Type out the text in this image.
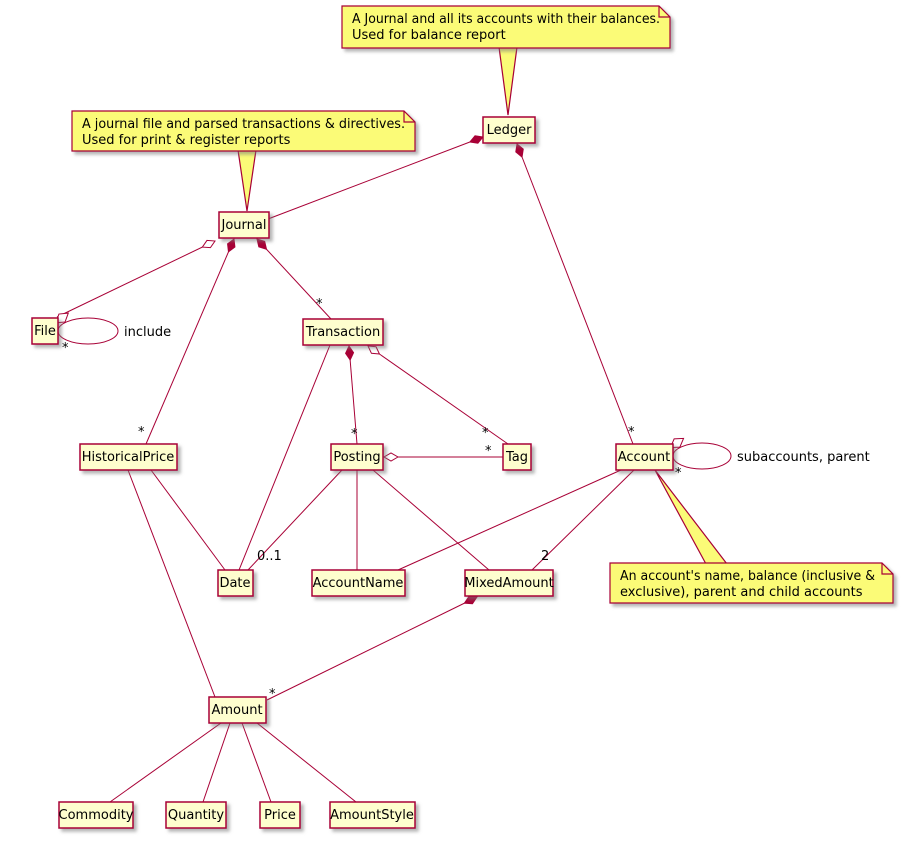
A Journal and all its accounts with their balances.
Used for balance report
A journal file and parsed transactions & directives.
Used for print & register reports
An account's name, balance (inclusive &
exclusive), parent and child accounts
Ledger
Journal
File	Transaction
HistoricalPrice	Posting	Tag	Account
Date	AccountName	MixedAmount
Amount
Commodity	Quantity	Price	AmountStyle
*
*
*
*	*
*
0..1	2
*
include
*
subaccounts, parent
*
